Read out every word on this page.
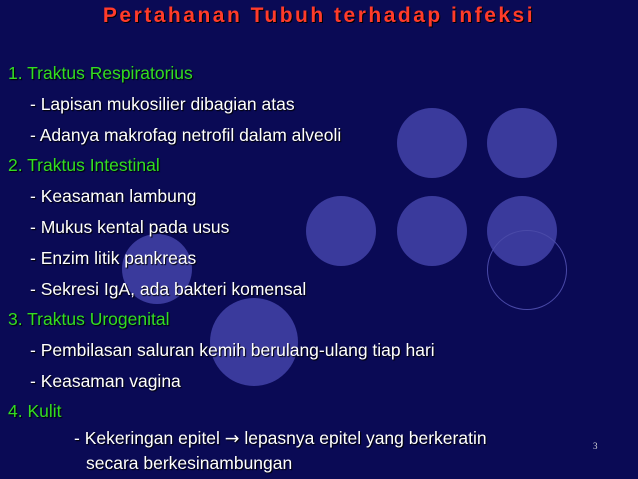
Pertahanan Tubuh terhadap infeksi
1. Traktus Respiratorius
- Lapisan mukosilier dibagian atas
- Adanya makrofag netrofil dalam alveoli
2. Traktus Intestinal
- Keasaman lambung
- Mukus kental pada usus
- Enzim litik pankreas
- Sekresi IgA, ada bakteri komensal
3. Traktus Urogenital
- Pembilasan saluran kemih berulang-ulang tiap hari
- Keasaman vagina
4. Kulit
- Kekeringan epitel → lepasnya epitel yang berkeratin
secara berkesinambungan
3
